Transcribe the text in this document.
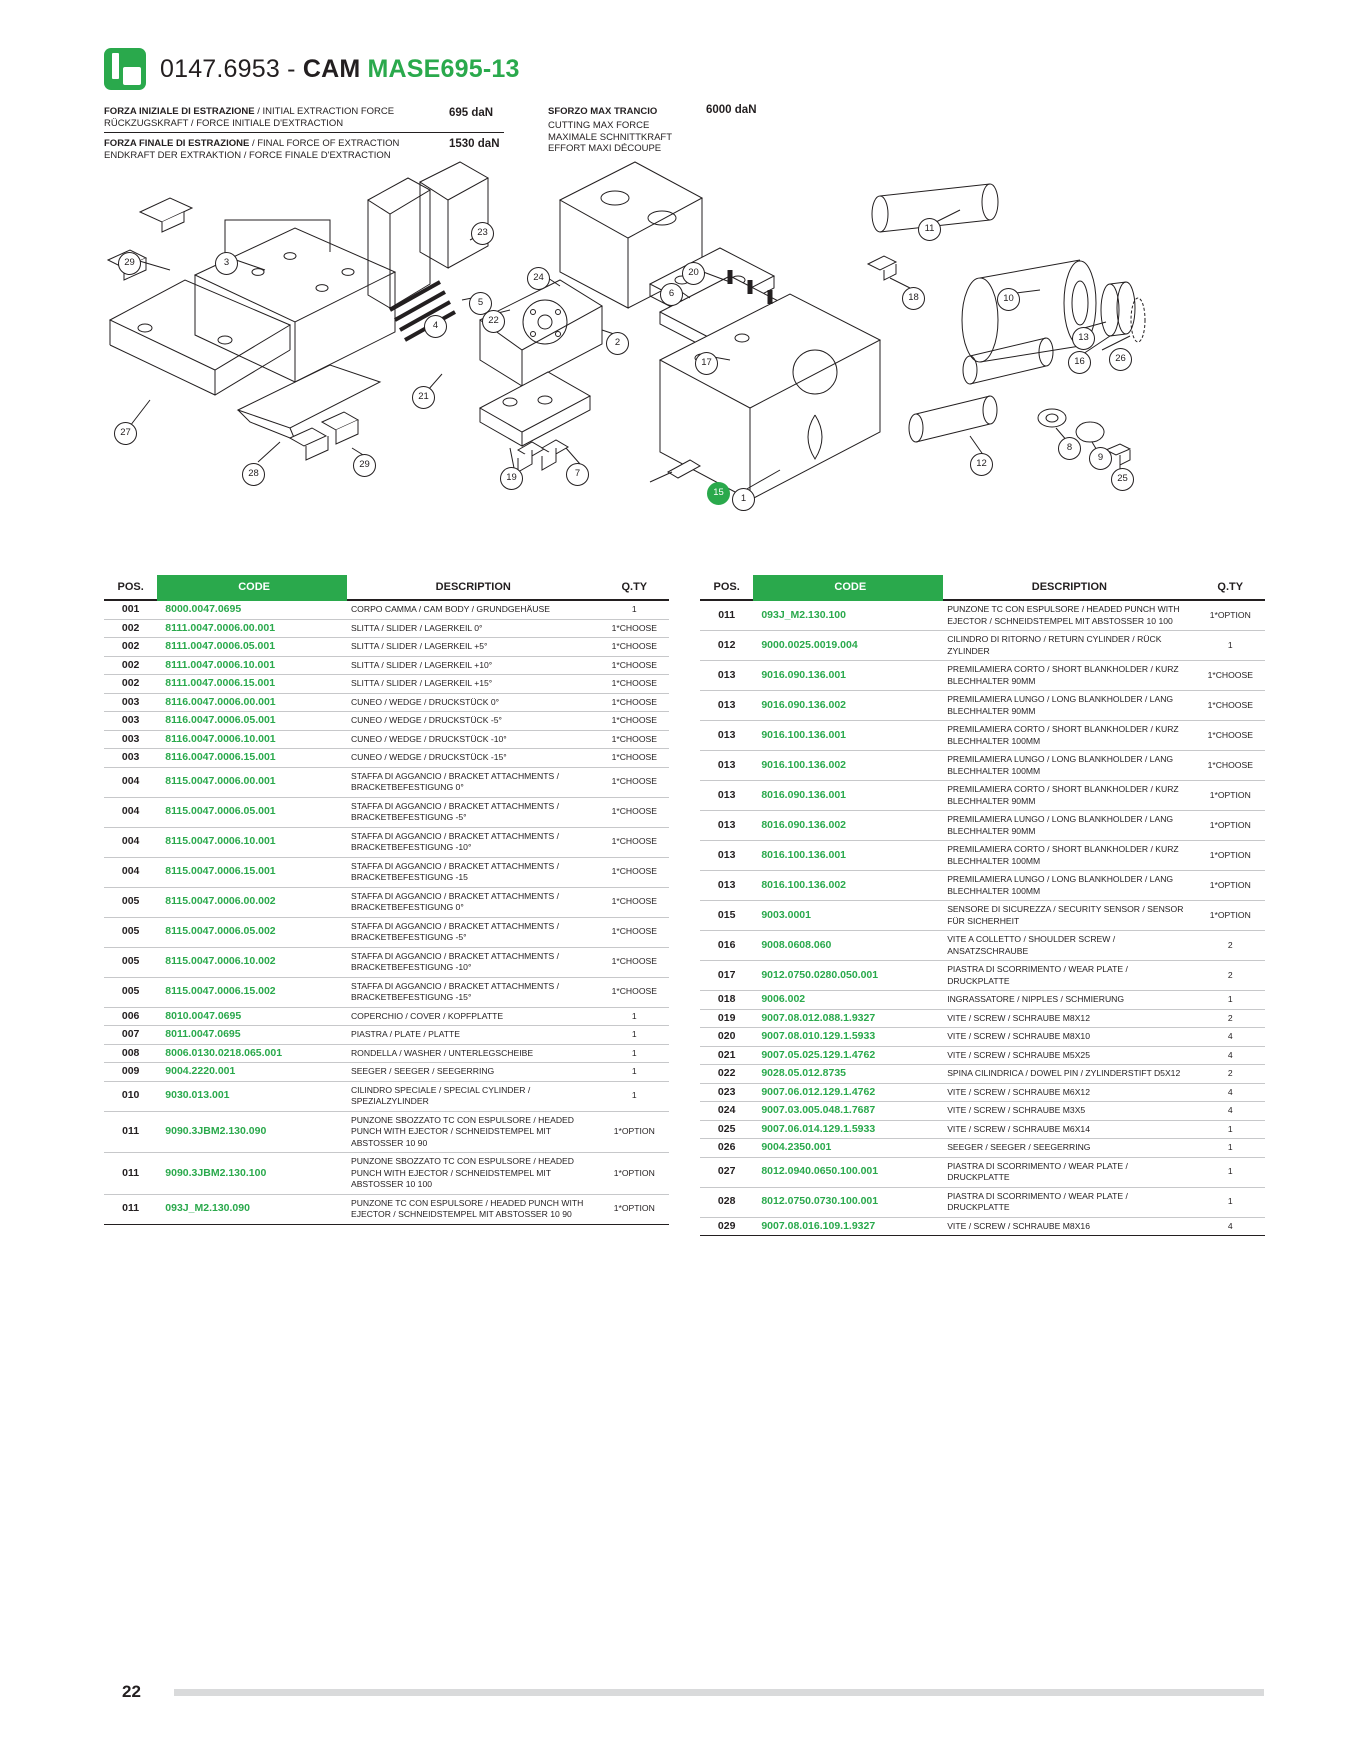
0147.6953 - CAM MASE695-13
FORZA INIZIALE DI ESTRAZIONE / INITIAL EXTRACTION FORCE
RÜCKZUGSKRAFT / FORCE INITIALE D'EXTRACTION
695 daN
FORZA FINALE DI ESTRAZIONE / FINAL FORCE OF EXTRACTION
ENDKRAFT DER EXTRAKTION / FORCE FINALE D'EXTRACTION
1530 daN
SFORZO MAX TRANCIO	6000 daN
CUTTING MAX FORCE
MAXIMALE SCHNITTKRAFT
EFFORT MAXI DÉCOUPE
29	3
23
24
6
20
18
11
10
13
16	26
5
22
2
17
4
21
27
28
29
19	7
12
8
9
25
15
1
POS.	CODE	DESCRIPTION	Q.TY
001	8000.0047.0695	CORPO CAMMA / CAM BODY / GRUNDGEHÄUSE	1
002	8111.0047.0006.00.001	SLITTA / SLIDER / LAGERKEIL 0°	1*CHOOSE
002	8111.0047.0006.05.001	SLITTA / SLIDER / LAGERKEIL +5°	1*CHOOSE
002	8111.0047.0006.10.001	SLITTA / SLIDER / LAGERKEIL +10°	1*CHOOSE
002	8111.0047.0006.15.001	SLITTA / SLIDER / LAGERKEIL +15°	1*CHOOSE
003	8116.0047.0006.00.001	CUNEO / WEDGE / DRUCKSTÜCK 0°	1*CHOOSE
003	8116.0047.0006.05.001	CUNEO / WEDGE / DRUCKSTÜCK -5°	1*CHOOSE
003	8116.0047.0006.10.001	CUNEO / WEDGE / DRUCKSTÜCK -10°	1*CHOOSE
003	8116.0047.0006.15.001	CUNEO / WEDGE / DRUCKSTÜCK -15°	1*CHOOSE
004	8115.0047.0006.00.001	STAFFA DI AGGANCIO / BRACKET ATTACHMENTS / BRACKETBEFESTIGUNG 0°	1*CHOOSE
004	8115.0047.0006.05.001	STAFFA DI AGGANCIO / BRACKET ATTACHMENTS / BRACKETBEFESTIGUNG -5°	1*CHOOSE
004	8115.0047.0006.10.001	STAFFA DI AGGANCIO / BRACKET ATTACHMENTS / BRACKETBEFESTIGUNG -10°	1*CHOOSE
004	8115.0047.0006.15.001	STAFFA DI AGGANCIO / BRACKET ATTACHMENTS / BRACKETBEFESTIGUNG -15	1*CHOOSE
005	8115.0047.0006.00.002	STAFFA DI AGGANCIO / BRACKET ATTACHMENTS / BRACKETBEFESTIGUNG 0°	1*CHOOSE
005	8115.0047.0006.05.002	STAFFA DI AGGANCIO / BRACKET ATTACHMENTS / BRACKETBEFESTIGUNG -5°	1*CHOOSE
005	8115.0047.0006.10.002	STAFFA DI AGGANCIO / BRACKET ATTACHMENTS / BRACKETBEFESTIGUNG -10°	1*CHOOSE
005	8115.0047.0006.15.002	STAFFA DI AGGANCIO / BRACKET ATTACHMENTS / BRACKETBEFESTIGUNG -15°	1*CHOOSE
006	8010.0047.0695	COPERCHIO / COVER / KOPFPLATTE	1
007	8011.0047.0695	PIASTRA / PLATE / PLATTE	1
008	8006.0130.0218.065.001	RONDELLA / WASHER / UNTERLEGSCHEIBE	1
009	9004.2220.001	SEEGER / SEEGER / SEEGERRING	1
010	9030.013.001	CILINDRO SPECIALE / SPECIAL CYLINDER / SPEZIALZYLINDER	1
011	9090.3JBM2.130.090	PUNZONE SBOZZATO TC CON ESPULSORE / HEADED PUNCH WITH EJECTOR / SCHNEIDSTEMPEL MIT ABSTOSSER 10 90	1*OPTION
011	9090.3JBM2.130.100	PUNZONE SBOZZATO TC CON ESPULSORE / HEADED PUNCH WITH EJECTOR / SCHNEIDSTEMPEL MIT ABSTOSSER 10 100	1*OPTION
011	093J_M2.130.090	PUNZONE TC CON ESPULSORE / HEADED PUNCH WITH EJECTOR / SCHNEIDSTEMPEL MIT ABSTOSSER 10 90	1*OPTION
POS.	CODE	DESCRIPTION	Q.TY
011	093J_M2.130.100	PUNZONE TC CON ESPULSORE / HEADED PUNCH WITH EJECTOR / SCHNEIDSTEMPEL MIT ABSTOSSER 10 100	1*OPTION
012	9000.0025.0019.004	CILINDRO DI RITORNO / RETURN CYLINDER / RÜCK ZYLINDER	1
013	9016.090.136.001	PREMILAMIERA CORTO / SHORT BLANKHOLDER / KURZ BLECHHALTER 90MM	1*CHOOSE
013	9016.090.136.002	PREMILAMIERA LUNGO / LONG BLANKHOLDER / LANG BLECHHALTER 90MM	1*CHOOSE
013	9016.100.136.001	PREMILAMIERA CORTO / SHORT BLANKHOLDER / KURZ BLECHHALTER 100MM	1*CHOOSE
013	9016.100.136.002	PREMILAMIERA LUNGO / LONG BLANKHOLDER / LANG BLECHHALTER 100MM	1*CHOOSE
013	8016.090.136.001	PREMILAMIERA CORTO / SHORT BLANKHOLDER / KURZ BLECHHALTER 90MM	1*OPTION
013	8016.090.136.002	PREMILAMIERA LUNGO / LONG BLANKHOLDER / LANG BLECHHALTER 90MM	1*OPTION
013	8016.100.136.001	PREMILAMIERA CORTO / SHORT BLANKHOLDER / KURZ BLECHHALTER 100MM	1*OPTION
013	8016.100.136.002	PREMILAMIERA LUNGO / LONG BLANKHOLDER / LANG BLECHHALTER 100MM	1*OPTION
015	9003.0001	SENSORE DI SICUREZZA / SECURITY SENSOR / SENSOR FÜR SICHERHEIT	1*OPTION
016	9008.0608.060	VITE A COLLETTO / SHOULDER SCREW / ANSATZSCHRAUBE	2
017	9012.0750.0280.050.001	PIASTRA DI SCORRIMENTO / WEAR PLATE / DRUCKPLATTE	2
018	9006.002	INGRASSATORE / NIPPLES / SCHMIERUNG	1
019	9007.08.012.088.1.9327	VITE / SCREW / SCHRAUBE M8X12	2
020	9007.08.010.129.1.5933	VITE / SCREW / SCHRAUBE M8X10	4
021	9007.05.025.129.1.4762	VITE / SCREW / SCHRAUBE M5X25	4
022	9028.05.012.8735	SPINA CILINDRICA / DOWEL PIN / ZYLINDERSTIFT D5X12	2
023	9007.06.012.129.1.4762	VITE / SCREW / SCHRAUBE M6X12	4
024	9007.03.005.048.1.7687	VITE / SCREW / SCHRAUBE M3X5	4
025	9007.06.014.129.1.5933	VITE / SCREW / SCHRAUBE M6X14	1
026	9004.2350.001	SEEGER / SEEGER / SEEGERRING	1
027	8012.0940.0650.100.001	PIASTRA DI SCORRIMENTO / WEAR PLATE / DRUCKPLATTE	1
028	8012.0750.0730.100.001	PIASTRA DI SCORRIMENTO / WEAR PLATE / DRUCKPLATTE	1
029	9007.08.016.109.1.9327	VITE / SCREW / SCHRAUBE M8X16	4
22
